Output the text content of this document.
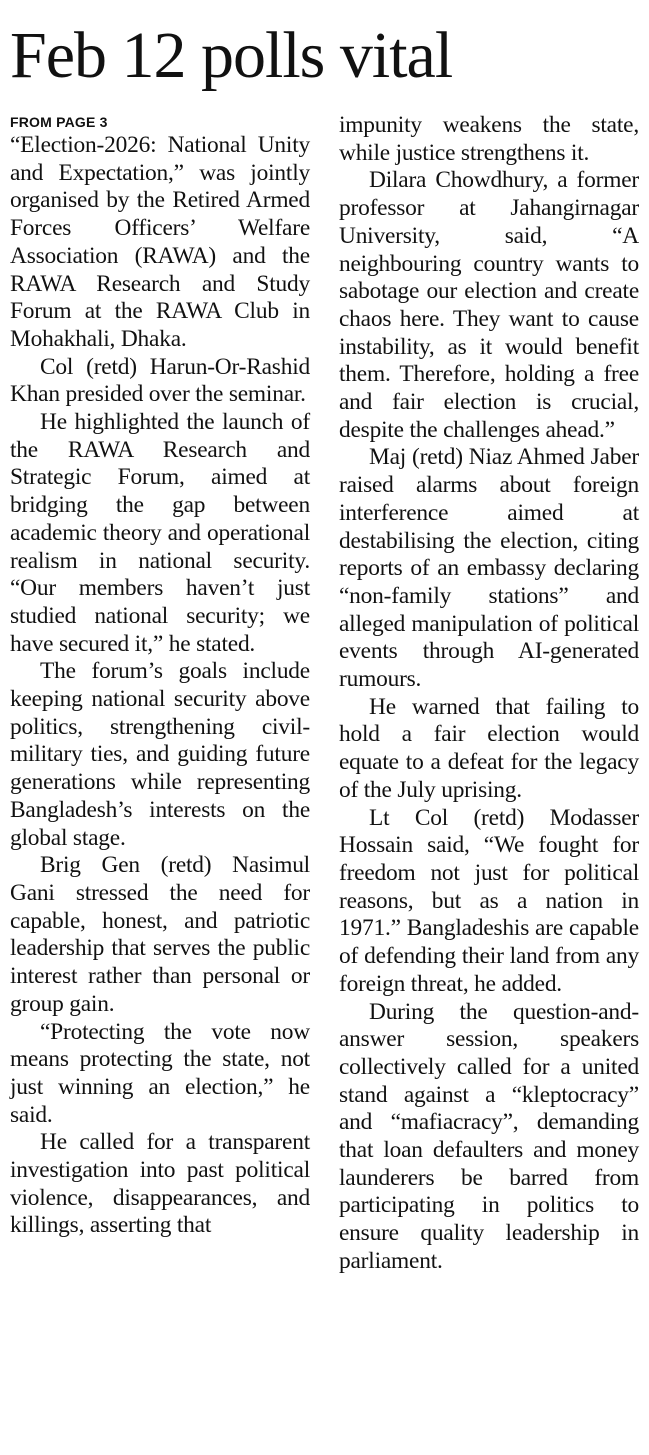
Feb 12 polls vital
FROM PAGE 3

“Election-2026: National Unity and Expectation,” was jointly organised by the Retired Armed Forces Officers’ Welfare Association (RAWA) and the RAWA Research and Study Forum at the RAWA Club in Mohakhali, Dhaka.

Col (retd) Harun-Or-Rashid Khan presided over the seminar.

He highlighted the launch of the RAWA Research and Strategic Forum, aimed at bridging the gap between academic theory and operational realism in national security. “Our members haven’t just studied national security; we have secured it,” he stated.

The forum’s goals include keeping national security above politics, strengthening civil-military ties, and guiding future generations while representing Bangladesh’s interests on the global stage.

Brig Gen (retd) Nasimul Gani stressed the need for capable, honest, and patriotic leadership that serves the public interest rather than personal or group gain.

“Protecting the vote now means protecting the state, not just winning an election,” he said.

He called for a transparent investigation into past political violence, disappearances, and killings, asserting that

impunity weakens the state, while justice strengthens it.

Dilara Chowdhury, a former professor at Jahangirnagar University, said, “A neighbouring country wants to sabotage our election and create chaos here. They want to cause instability, as it would benefit them. Therefore, holding a free and fair election is crucial, despite the challenges ahead.”

Maj (retd) Niaz Ahmed Jaber raised alarms about foreign interference aimed at destabilising the election, citing reports of an embassy declaring “non-family stations” and alleged manipulation of political events through AI-generated rumours.

He warned that failing to hold a fair election would equate to a defeat for the legacy of the July uprising.

Lt Col (retd) Modasser Hossain said, “We fought for freedom not just for political reasons, but as a nation in 1971.” Bangladeshis are capable of defending their land from any foreign threat, he added.

During the question-and-answer session, speakers collectively called for a united stand against a “kleptocracy” and “mafiacracy”, demanding that loan defaulters and money launderers be barred from participating in politics to ensure quality leadership in parliament.
